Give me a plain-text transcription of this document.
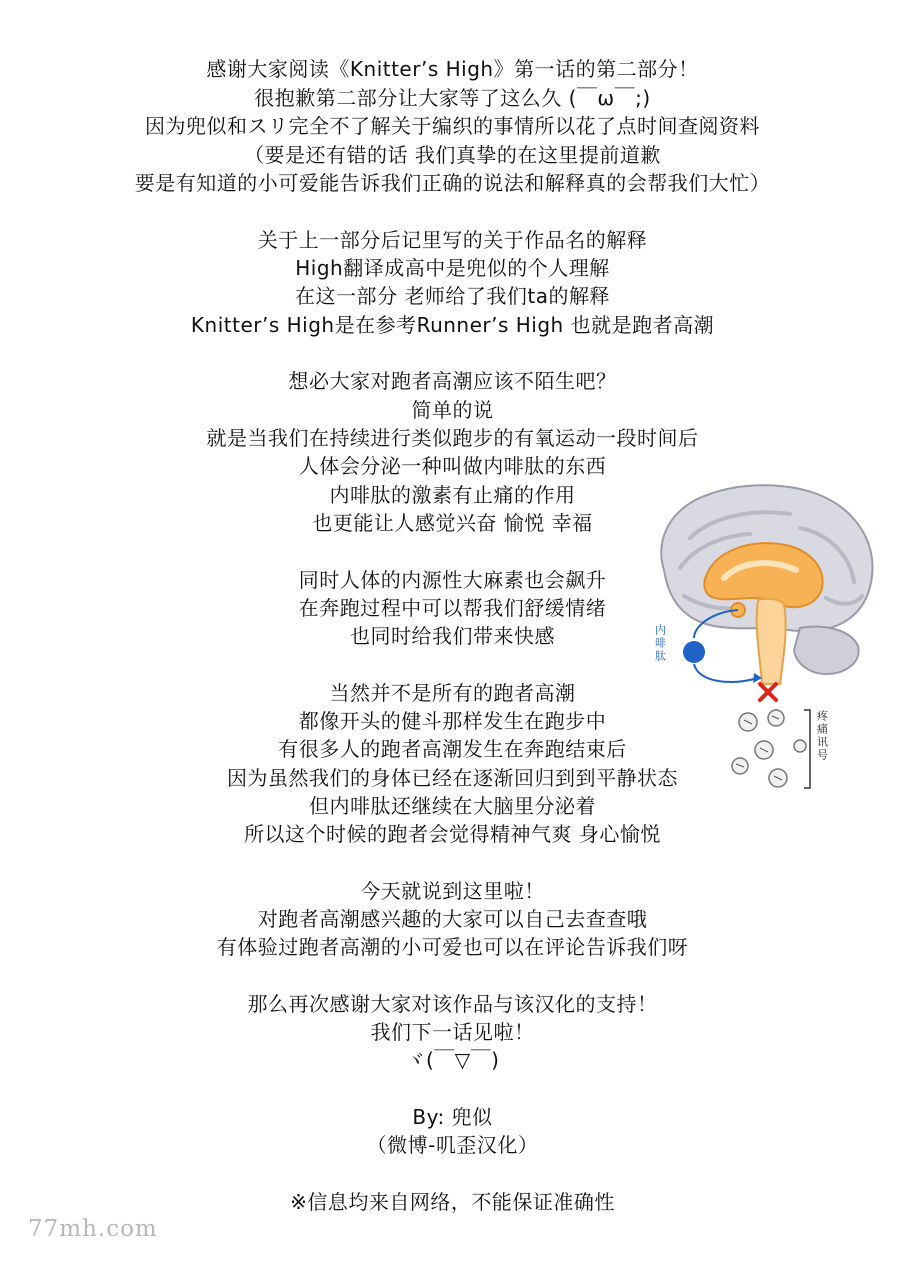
感谢大家阅读《Knitter’s High》第一话的第二部分！
很抱歉第二部分让大家等了这么久 (￣ω￣;)
因为兜似和スリ完全不了解关于编织的事情所以花了点时间查阅资料
（要是还有错的话 我们真挚的在这里提前道歉
要是有知道的小可爱能告诉我们正确的说法和解释真的会帮我们大忙）
关于上一部分后记里写的关于作品名的解释
High翻译成高中是兜似的个人理解
在这一部分 老师给了我们ta的解释
Knitter’s High是在参考Runner’s High 也就是跑者高潮
想必大家对跑者高潮应该不陌生吧？
简单的说
就是当我们在持续进行类似跑步的有氧运动一段时间后
人体会分泌一种叫做内啡肽的东西
内啡肽的激素有止痛的作用
也更能让人感觉兴奋 愉悦 幸福
同时人体的内源性大麻素也会飙升
在奔跑过程中可以帮我们舒缓情绪
也同时给我们带来快感
当然并不是所有的跑者高潮
都像开头的健斗那样发生在跑步中
有很多人的跑者高潮发生在奔跑结束后
因为虽然我们的身体已经在逐渐回归到到平静状态
但内啡肽还继续在大脑里分泌着
所以这个时候的跑者会觉得精神气爽 身心愉悦
今天就说到这里啦！
对跑者高潮感兴趣的大家可以自己去查查哦
有体验过跑者高潮的小可爱也可以在评论告诉我们呀
那么再次感谢大家对该作品与该汉化的支持！
我们下一话见啦！
ヾ(￣▽￣)
By: 兜似
（微博-叽歪汉化）
※信息均来自网络，不能保证准确性
内啡肽
疼痛讯号
77mh.com
